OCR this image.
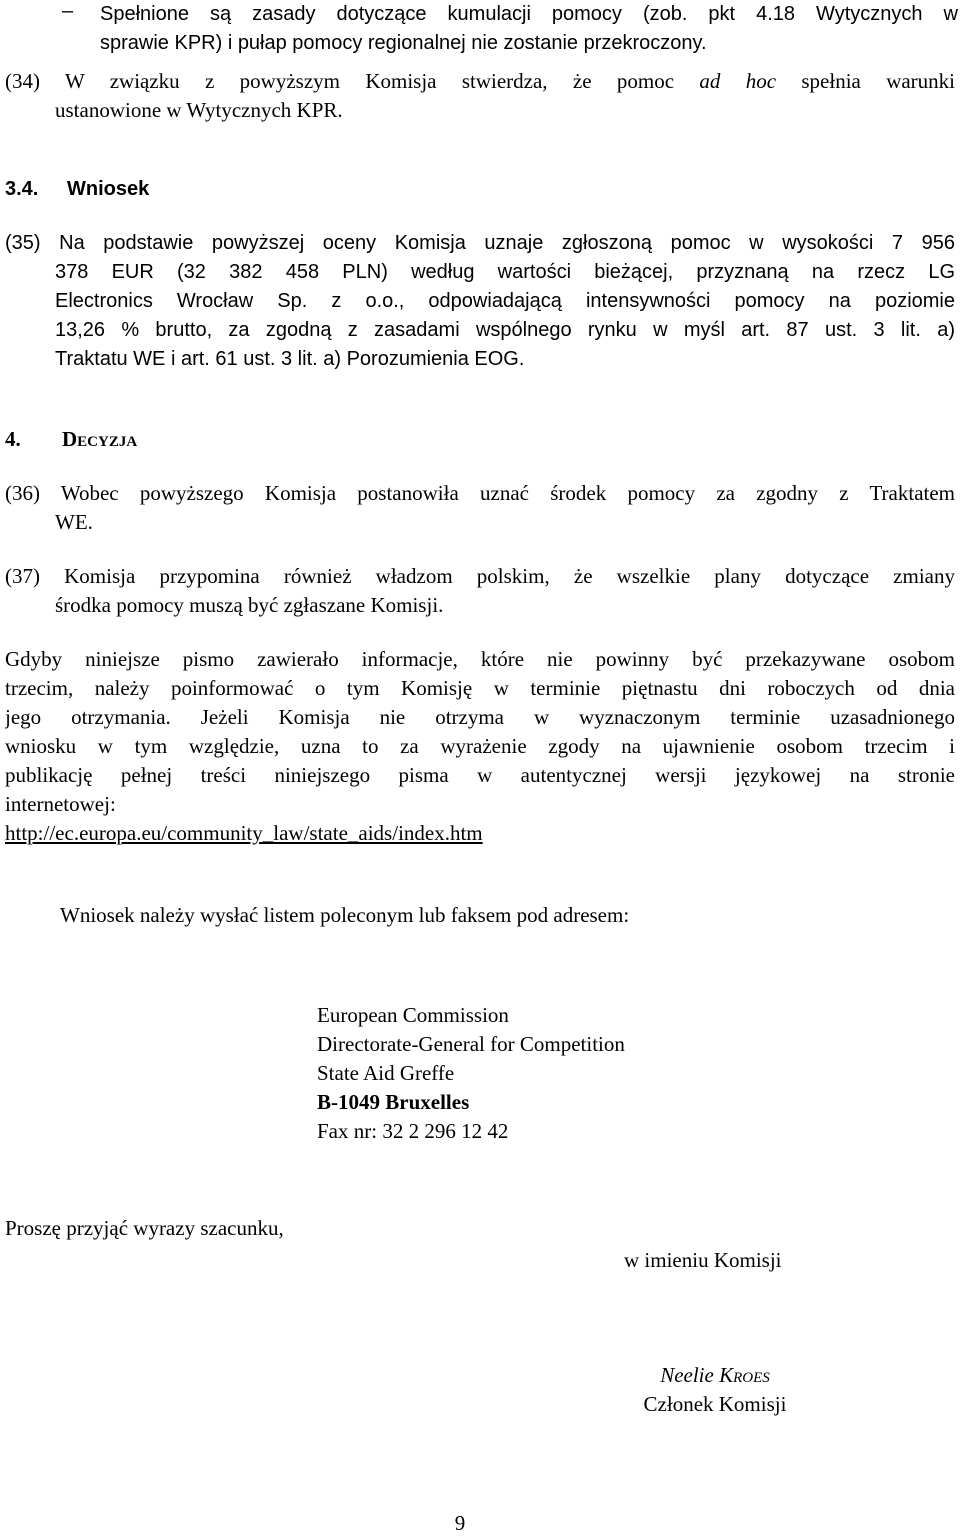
– Spełnione są zasady dotyczące kumulacji pomocy (zob. pkt 4.18 Wytycznych w
sprawie KPR) i pułap pomocy regionalnej nie zostanie przekroczony.
(34) W związku z powyższym Komisja stwierdza, że pomoc ad hoc spełnia warunki
ustanowione w Wytycznych KPR.
3.4. Wniosek
(35) Na podstawie powyższej oceny Komisja uznaje zgłoszoną pomoc w wysokości 7 956
378 EUR (32 382 458 PLN) według wartości bieżącej, przyznaną na rzecz LG
Electronics Wrocław Sp. z o.o., odpowiadającą intensywności pomocy na poziomie
13,26 % brutto, za zgodną z zasadami wspólnego rynku w myśl art. 87 ust. 3 lit. a)
Traktatu WE i art. 61 ust. 3 lit. a) Porozumienia EOG.
4. DECYZJA
(36) Wobec powyższego Komisja postanowiła uznać środek pomocy za zgodny z Traktatem
WE.
(37) Komisja przypomina również władzom polskim, że wszelkie plany dotyczące zmiany
środka pomocy muszą być zgłaszane Komisji.
Gdyby niniejsze pismo zawierało informacje, które nie powinny być przekazywane osobom
trzecim, należy poinformować o tym Komisję w terminie piętnastu dni roboczych od dnia
jego otrzymania. Jeżeli Komisja nie otrzyma w wyznaczonym terminie uzasadnionego
wniosku w tym względzie, uzna to za wyrażenie zgody na ujawnienie osobom trzecim i
publikację pełnej treści niniejszego pisma w autentycznej wersji językowej na stronie
internetowej:
http://ec.europa.eu/community_law/state_aids/index.htm
Wniosek należy wysłać listem poleconym lub faksem pod adresem:
European Commission
Directorate-General for Competition
State Aid Greffe
B-1049 Bruxelles
Fax nr: 32 2 296 12 42
Proszę przyjąć wyrazy szacunku,
w imieniu Komisji
Neelie KROES
Członek Komisji
9
